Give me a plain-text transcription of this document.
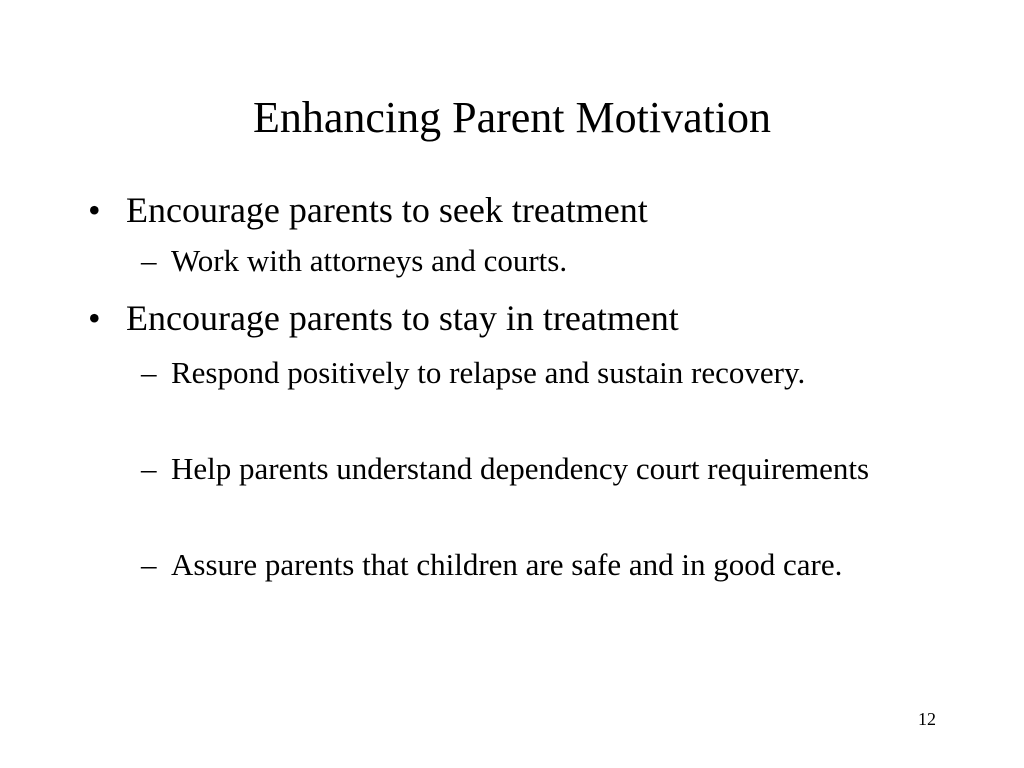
Enhancing Parent Motivation
• Encourage parents to seek treatment
– Work with attorneys and courts.
• Encourage parents to stay in treatment
– Respond positively to relapse and sustain recovery.
– Help parents understand dependency court requirements
– Assure parents that children are safe and in good care.
12
